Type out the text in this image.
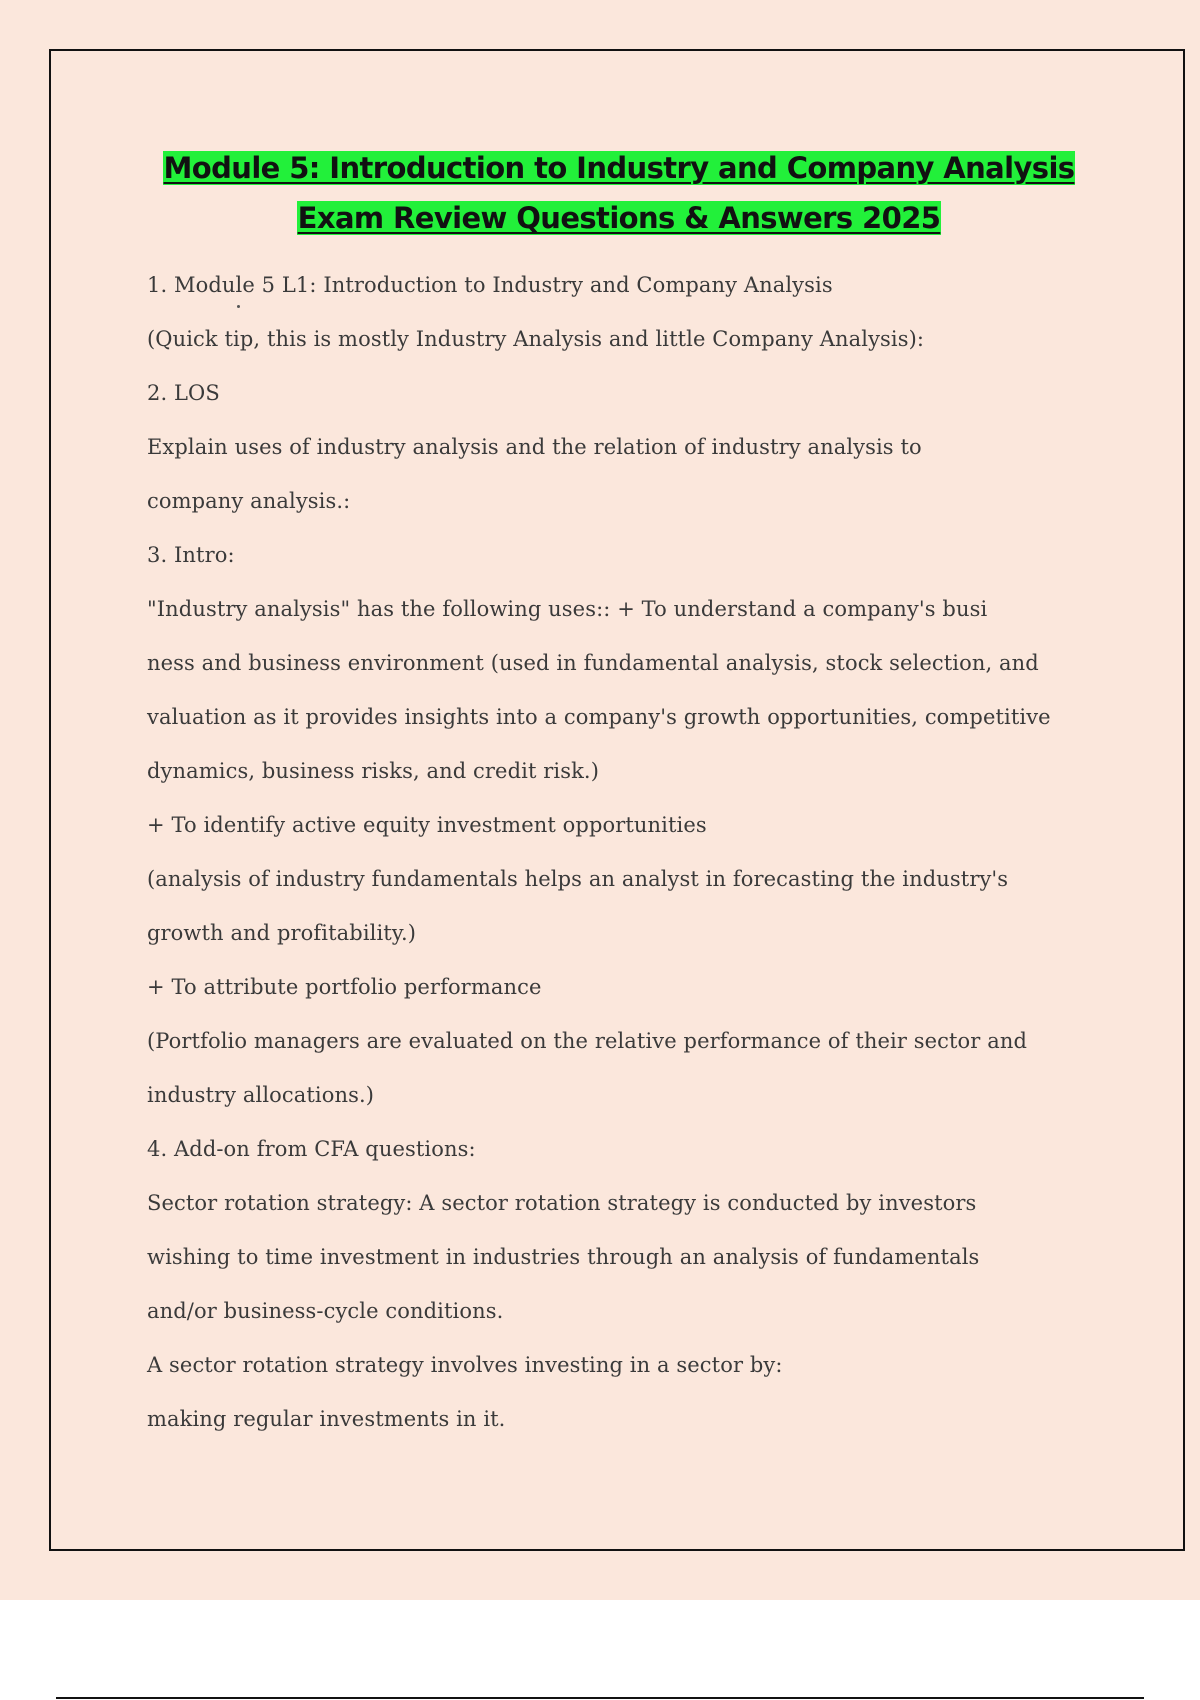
Module 5: Introduction to Industry and Company Analysis
Exam Review Questions & Answers 2025
1. Module 5 L1: Introduction to Industry and Company Analysis
(Quick tip, this is mostly Industry Analysis and little Company Analysis):
2. LOS
Explain uses of industry analysis and the relation of industry analysis to
company analysis.:
3. Intro:
"Industry analysis" has the following uses:: + To understand a company's busi
ness and business environment (used in fundamental analysis, stock selection, and
valuation as it provides insights into a company's growth opportunities, competitive
dynamics, business risks, and credit risk.)
+ To identify active equity investment opportunities
(analysis of industry fundamentals helps an analyst in forecasting the industry's
growth and profitability.)
+ To attribute portfolio performance
(Portfolio managers are evaluated on the relative performance of their sector and
industry allocations.)
4. Add-on from CFA questions:
Sector rotation strategy: A sector rotation strategy is conducted by investors
wishing to time investment in industries through an analysis of fundamentals
and/or business-cycle conditions.
A sector rotation strategy involves investing in a sector by:
making regular investments in it.
